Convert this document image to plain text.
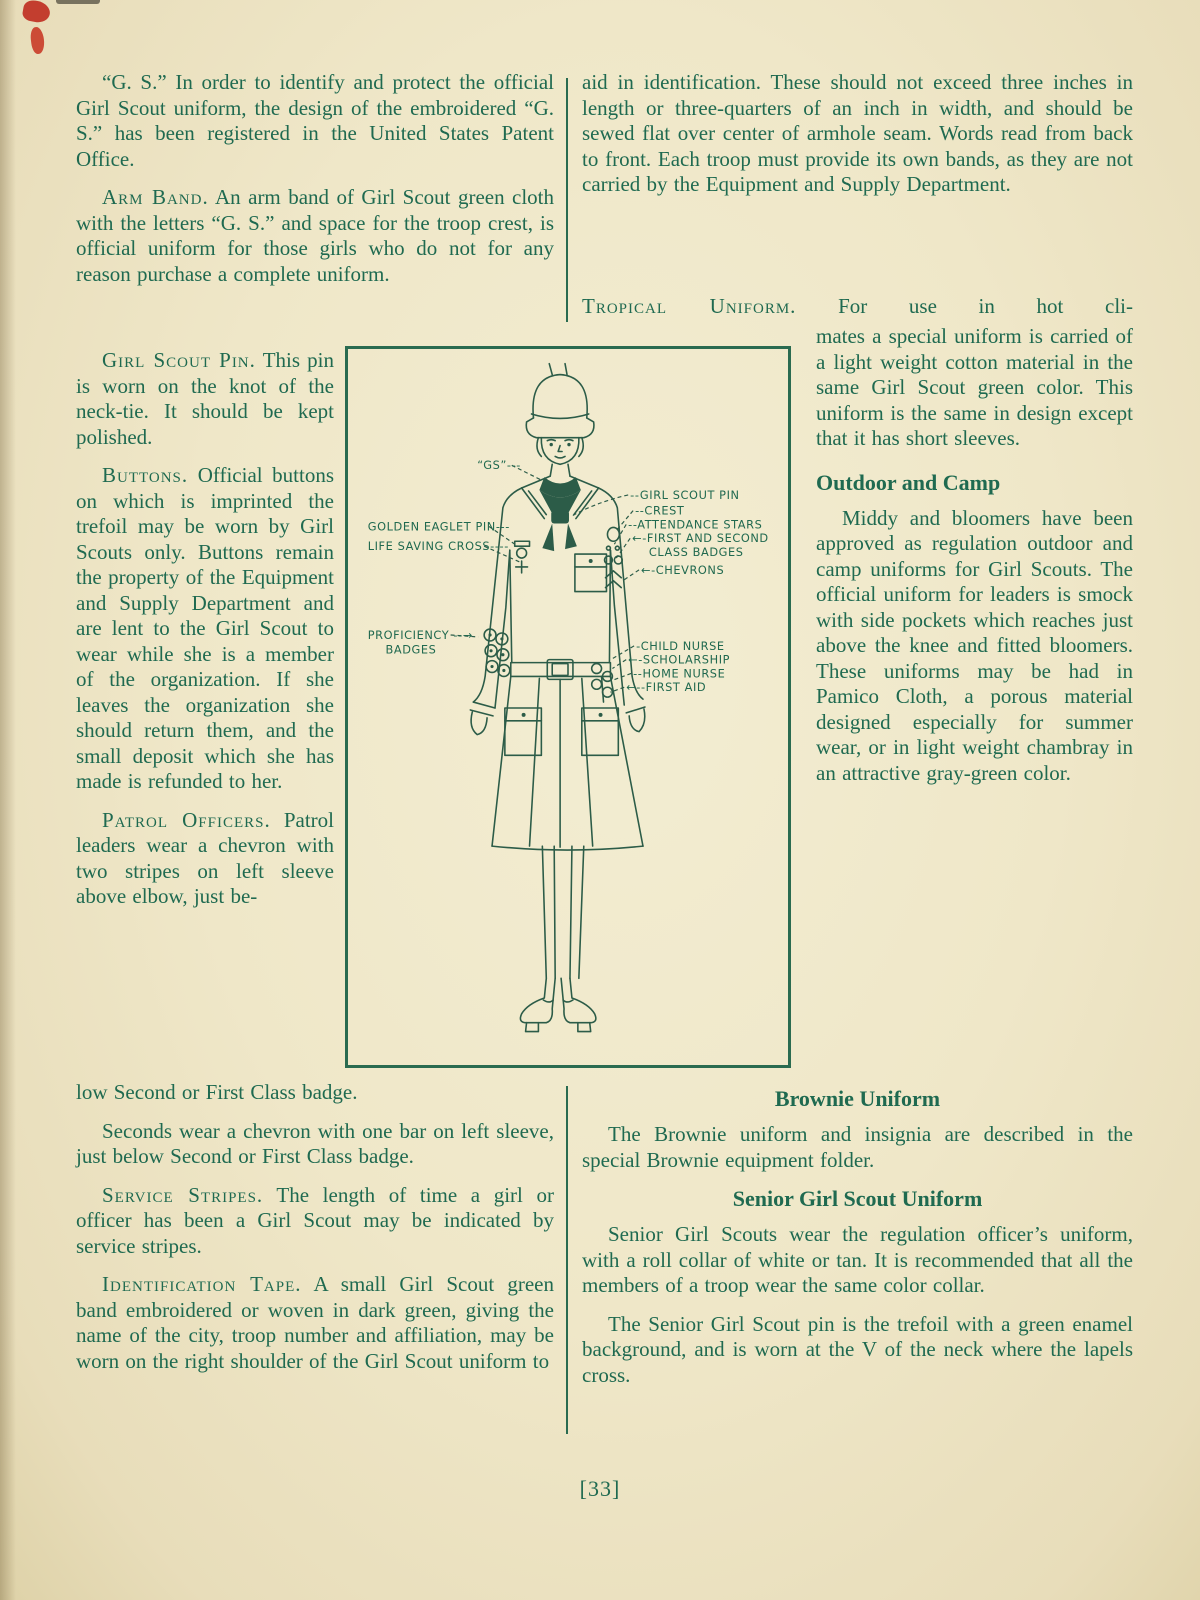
“G. S.” In order to identify and protect the official Girl Scout uniform, the design of the embroidered “G. S.” has been registered in the United States Patent Office.

Arm Band. An arm band of Girl Scout green cloth with the letters “G. S.” and space for the troop crest, is official uniform for those girls who do not for any reason purchase a complete uniform.

Girl Scout Pin. This pin is worn on the knot of the neck-tie. It should be kept polished.

Buttons. Official buttons on which is imprinted the trefoil may be worn by Girl Scouts only. Buttons remain the property of the Equipment and Supply Department and are lent to the Girl Scout to wear while she is a member of the organization. If she leaves the organization she should return them, and the small deposit which she has made is refunded to her.

Patrol Officers. Patrol leaders wear a chevron with two stripes on left sleeve above elbow, just be-

“GS”---
GOLDEN EAGLET PIN---
LIFE SAVING CROSS----
PROFICIENCY --→
BADGES
--GIRL SCOUT PIN
--CREST
--ATTENDANCE STARS
←-FIRST AND SECOND
CLASS BADGES
←-CHEVRONS
-CHILD NURSE
←-SCHOLARSHIP
--HOME NURSE
←--FIRST AID

aid in identification. These should not exceed three inches in length or three-quarters of an inch in width, and should be sewed flat over center of armhole seam. Words read from back to front. Each troop must provide its own bands, as they are not carried by the Equipment and Supply Department.

Tropical Uniform. For use in hot cli-

mates a special uniform is carried of a light weight cotton material in the same Girl Scout green color. This uniform is the same in design except that it has short sleeves.

Outdoor and Camp

Middy and bloomers have been approved as regulation outdoor and camp uniforms for Girl Scouts. The official uniform for leaders is smock with side pockets which reaches just above the knee and fitted bloomers. These uniforms may be had in Pamico Cloth, a porous material designed especially for summer wear, or in light weight chambray in an attractive gray-green color.

low Second or First Class badge.

Seconds wear a chevron with one bar on left sleeve, just below Second or First Class badge.

Service Stripes. The length of time a girl or officer has been a Girl Scout may be indicated by service stripes.

Identification Tape. A small Girl Scout green band embroidered or woven in dark green, giving the name of the city, troop number and affiliation, may be worn on the right shoulder of the Girl Scout uniform to

Brownie Uniform

The Brownie uniform and insignia are described in the special Brownie equipment folder.

Senior Girl Scout Uniform

Senior Girl Scouts wear the regulation officer’s uniform, with a roll collar of white or tan. It is recommended that all the members of a troop wear the same color collar.

The Senior Girl Scout pin is the trefoil with a green enamel background, and is worn at the V of the neck where the lapels cross.

[33]
